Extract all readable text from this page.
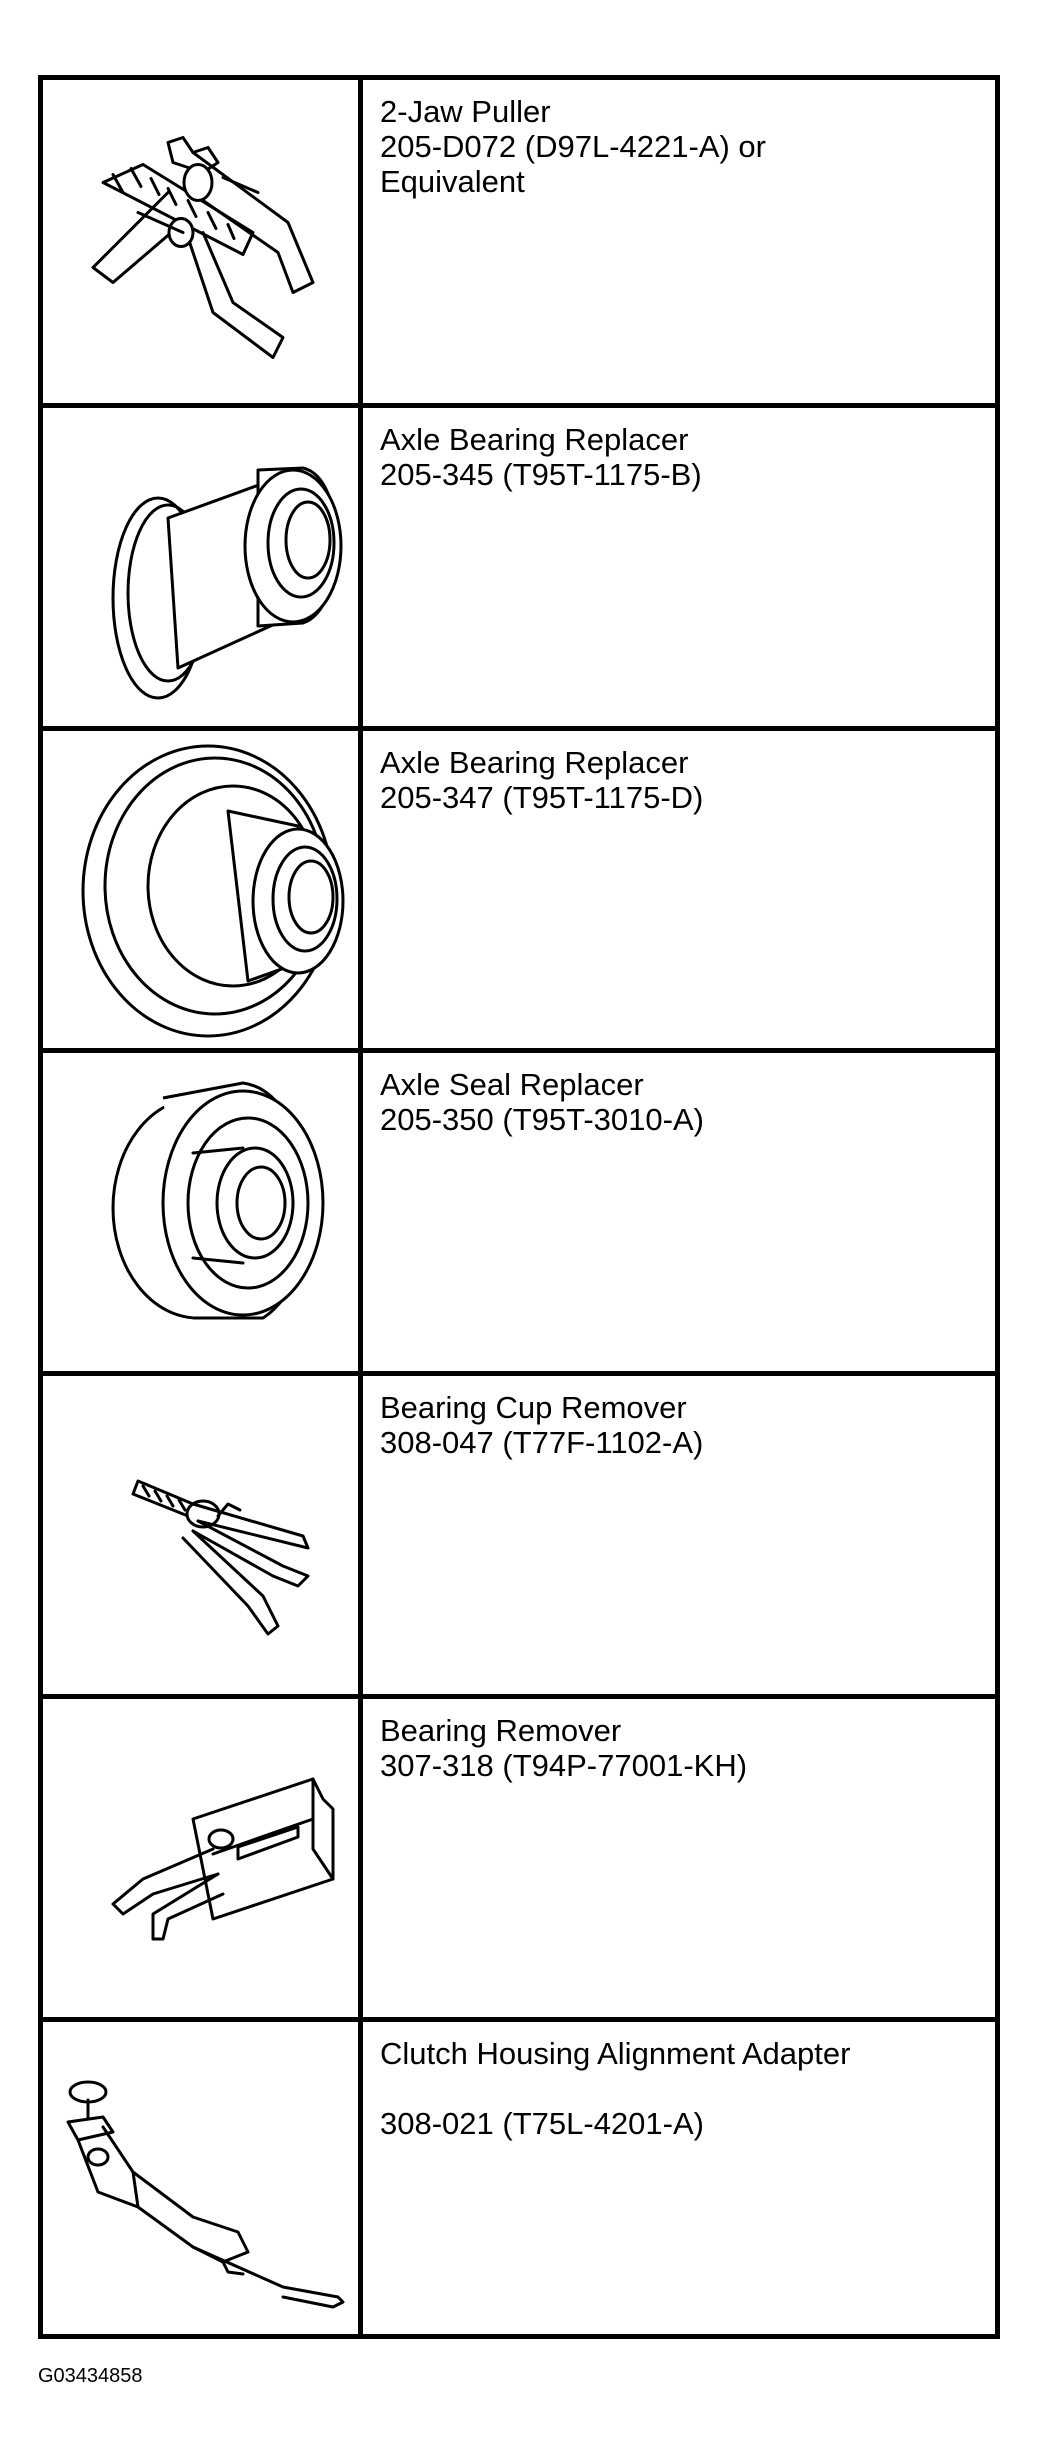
2-Jaw Puller
205-D072 (D97L-4221-A) or
Equivalent
Axle Bearing Replacer
205-345 (T95T-1175-B)
Axle Bearing Replacer
205-347 (T95T-1175-D)
Axle Seal Replacer
205-350 (T95T-3010-A)
Bearing Cup Remover
308-047 (T77F-1102-A)
Bearing Remover
307-318 (T94P-77001-KH)
Clutch Housing Alignment Adapter
308-021 (T75L-4201-A)
G03434858
